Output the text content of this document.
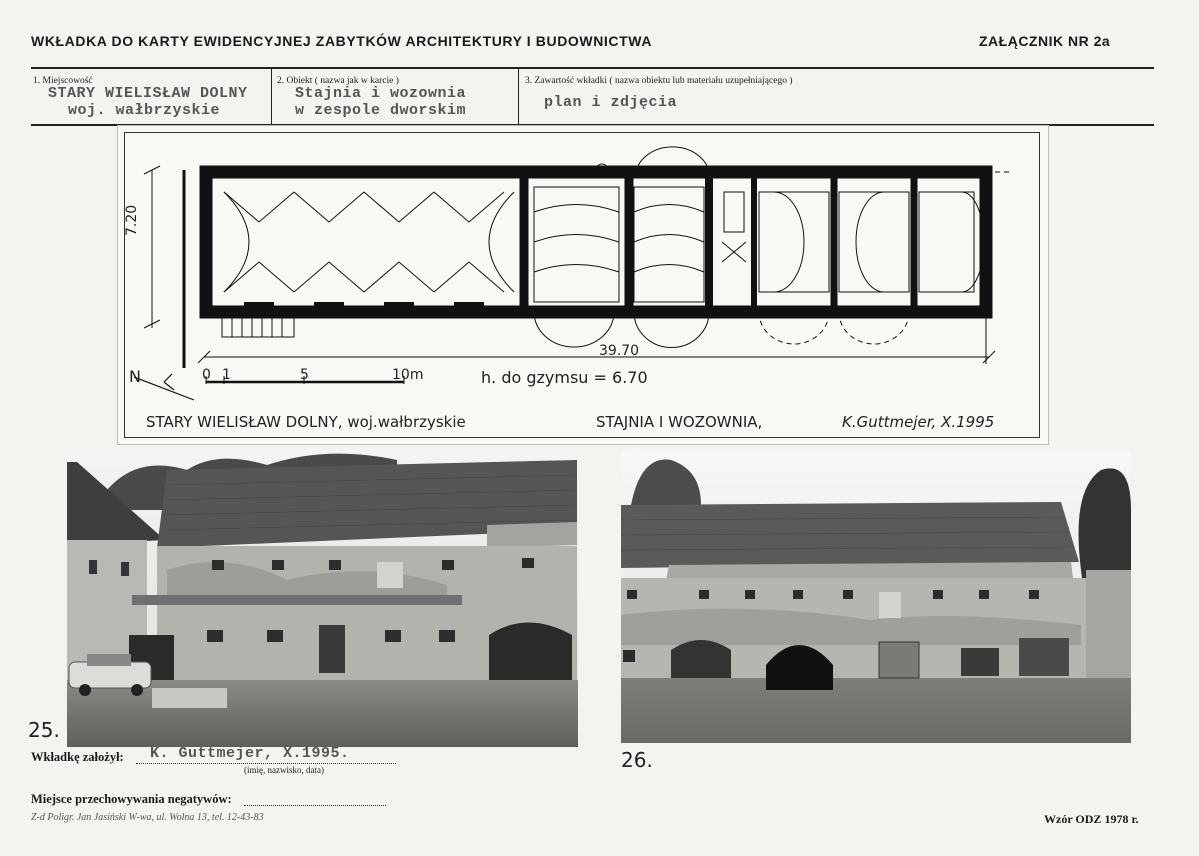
WKŁADKA DO KARTY EWIDENCYJNEJ ZABYTKÓW ARCHITEKTURY I BUDOWNICTWA	ZAŁĄCZNIK NR 2a
1. Miejscowość
STARY WIELISŁAW DOLNY
woj. wałbrzyskie
2. Obiekt ( nazwa jak w karcie )
Stajnia i wozownia
w zespole dworskim
3. Zawartość wkładki ( nazwa obiektu lub materiału uzupełniającego )
plan i zdjęcia
7.20
39.70
0 1	5	10m
N	h. do gzymsu = 6.70
STARY WIELISŁAW DOLNY, woj.wałbrzyskie	STAJNIA I WOZOWNIA,	K.Guttmejer, X.1995
25.
26.
Wkładkę założył: K. Guttmejer, X.1995.
(imię, nazwisko, data)
Miejsce przechowywania negatywów:
Z-d Poligr. Jan Jasiński W-wa, ul. Wolna 13, tel. 12-43-83	Wzór ODZ 1978 r.
